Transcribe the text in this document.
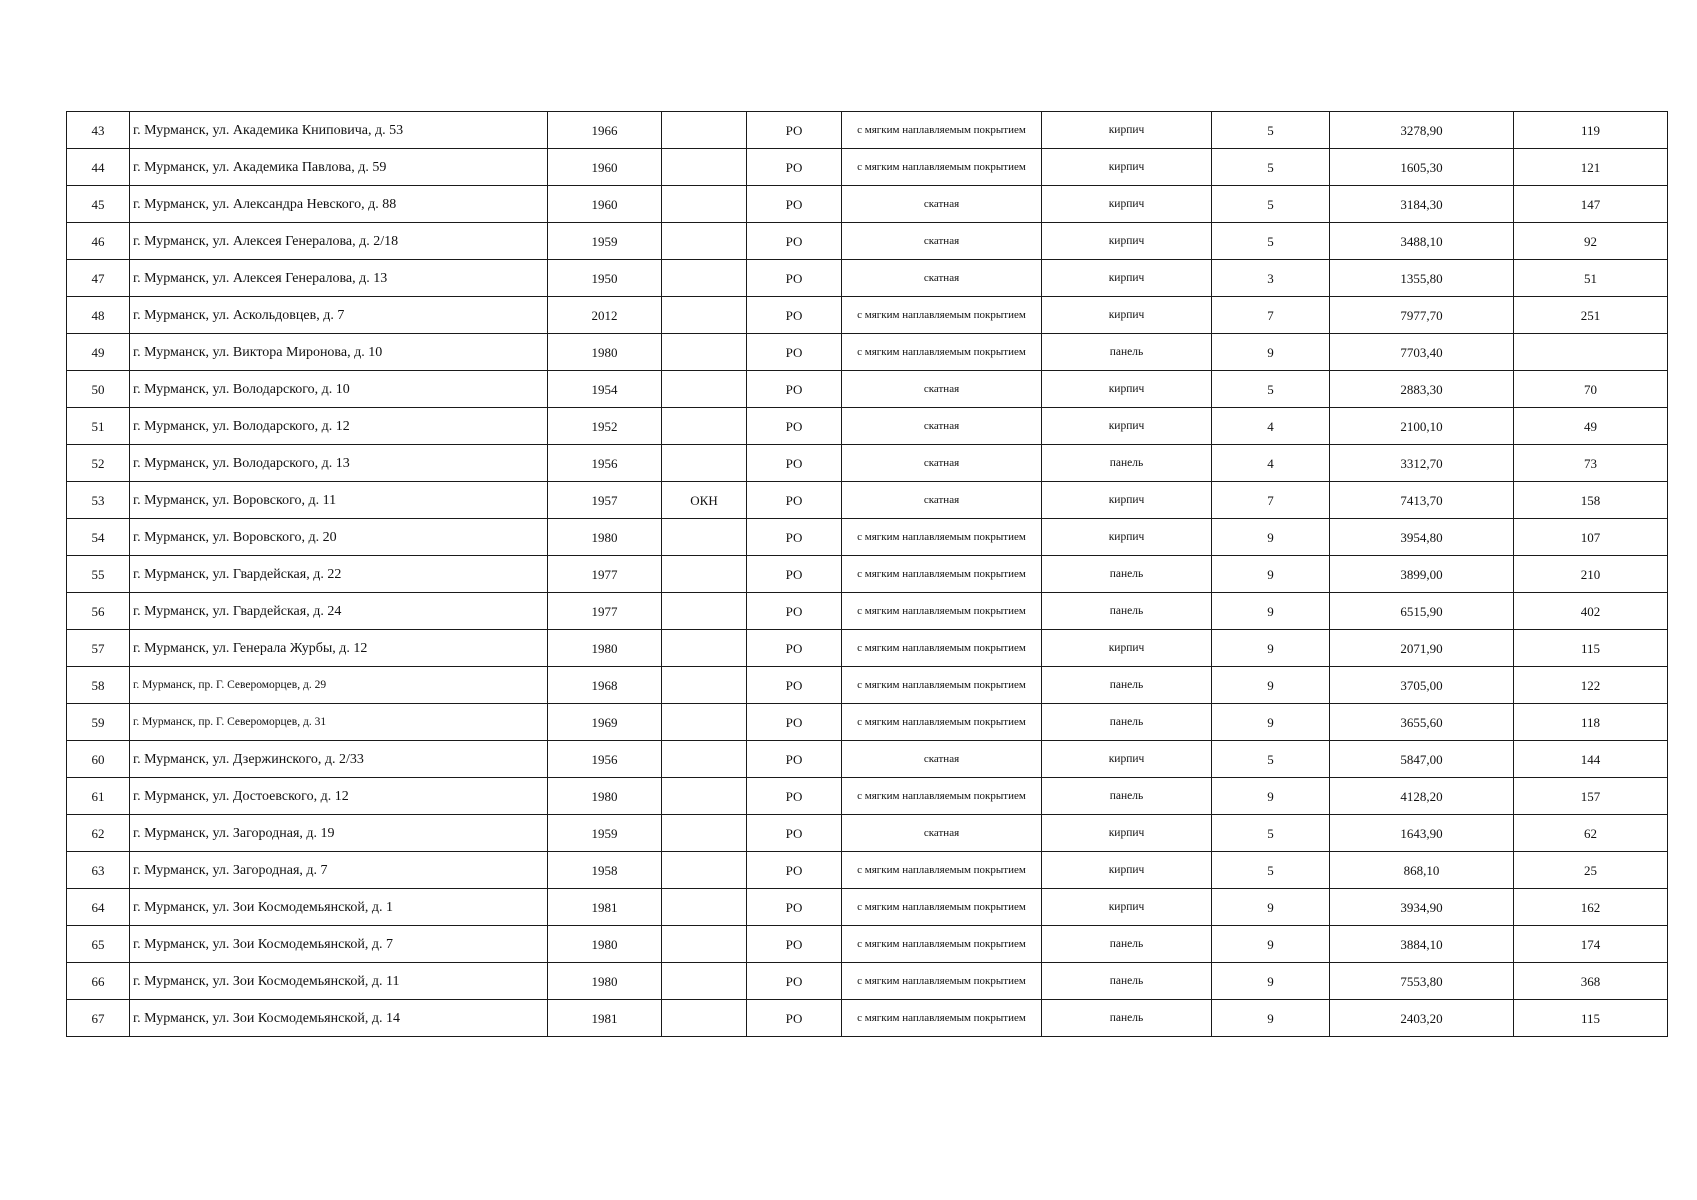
43	г. Мурманск, ул. Академика Книповича, д. 53	1966		РО	с мягким наплавляемым покрытием	кирпич	5	3278,90	119
44	г. Мурманск, ул. Академика Павлова, д. 59	1960		РО	с мягким наплавляемым покрытием	кирпич	5	1605,30	121
45	г. Мурманск, ул. Александра Невского, д. 88	1960		РО	скатная	кирпич	5	3184,30	147
46	г. Мурманск, ул. Алексея Генералова, д. 2/18	1959		РО	скатная	кирпич	5	3488,10	92
47	г. Мурманск, ул. Алексея Генералова, д. 13	1950		РО	скатная	кирпич	3	1355,80	51
48	г. Мурманск, ул. Аскольдовцев, д. 7	2012		РО	с мягким наплавляемым покрытием	кирпич	7	7977,70	251
49	г. Мурманск, ул. Виктора Миронова, д. 10	1980		РО	с мягким наплавляемым покрытием	панель	9	7703,40	
50	г. Мурманск, ул. Володарского, д. 10	1954		РО	скатная	кирпич	5	2883,30	70
51	г. Мурманск, ул. Володарского, д. 12	1952		РО	скатная	кирпич	4	2100,10	49
52	г. Мурманск, ул. Володарского, д. 13	1956		РО	скатная	панель	4	3312,70	73
53	г. Мурманск, ул. Воровского, д. 11	1957	ОКН	РО	скатная	кирпич	7	7413,70	158
54	г. Мурманск, ул. Воровского, д. 20	1980		РО	с мягким наплавляемым покрытием	кирпич	9	3954,80	107
55	г. Мурманск, ул. Гвардейская, д. 22	1977		РО	с мягким наплавляемым покрытием	панель	9	3899,00	210
56	г. Мурманск, ул. Гвардейская, д. 24	1977		РО	с мягким наплавляемым покрытием	панель	9	6515,90	402
57	г. Мурманск, ул. Генерала Журбы, д. 12	1980		РО	с мягким наплавляемым покрытием	кирпич	9	2071,90	115
58	г. Мурманск, пр. Г. Североморцев, д. 29	1968		РО	с мягким наплавляемым покрытием	панель	9	3705,00	122
59	г. Мурманск, пр. Г. Североморцев, д. 31	1969		РО	с мягким наплавляемым покрытием	панель	9	3655,60	118
60	г. Мурманск, ул. Дзержинского, д. 2/33	1956		РО	скатная	кирпич	5	5847,00	144
61	г. Мурманск, ул. Достоевского, д. 12	1980		РО	с мягким наплавляемым покрытием	панель	9	4128,20	157
62	г. Мурманск, ул. Загородная, д. 19	1959		РО	скатная	кирпич	5	1643,90	62
63	г. Мурманск, ул. Загородная, д. 7	1958		РО	с мягким наплавляемым покрытием	кирпич	5	868,10	25
64	г. Мурманск, ул. Зои Космодемьянской, д. 1	1981		РО	с мягким наплавляемым покрытием	кирпич	9	3934,90	162
65	г. Мурманск, ул. Зои Космодемьянской, д. 7	1980		РО	с мягким наплавляемым покрытием	панель	9	3884,10	174
66	г. Мурманск, ул. Зои Космодемьянской, д. 11	1980		РО	с мягким наплавляемым покрытием	панель	9	7553,80	368
67	г. Мурманск, ул. Зои Космодемьянской, д. 14	1981		РО	с мягким наплавляемым покрытием	панель	9	2403,20	115
